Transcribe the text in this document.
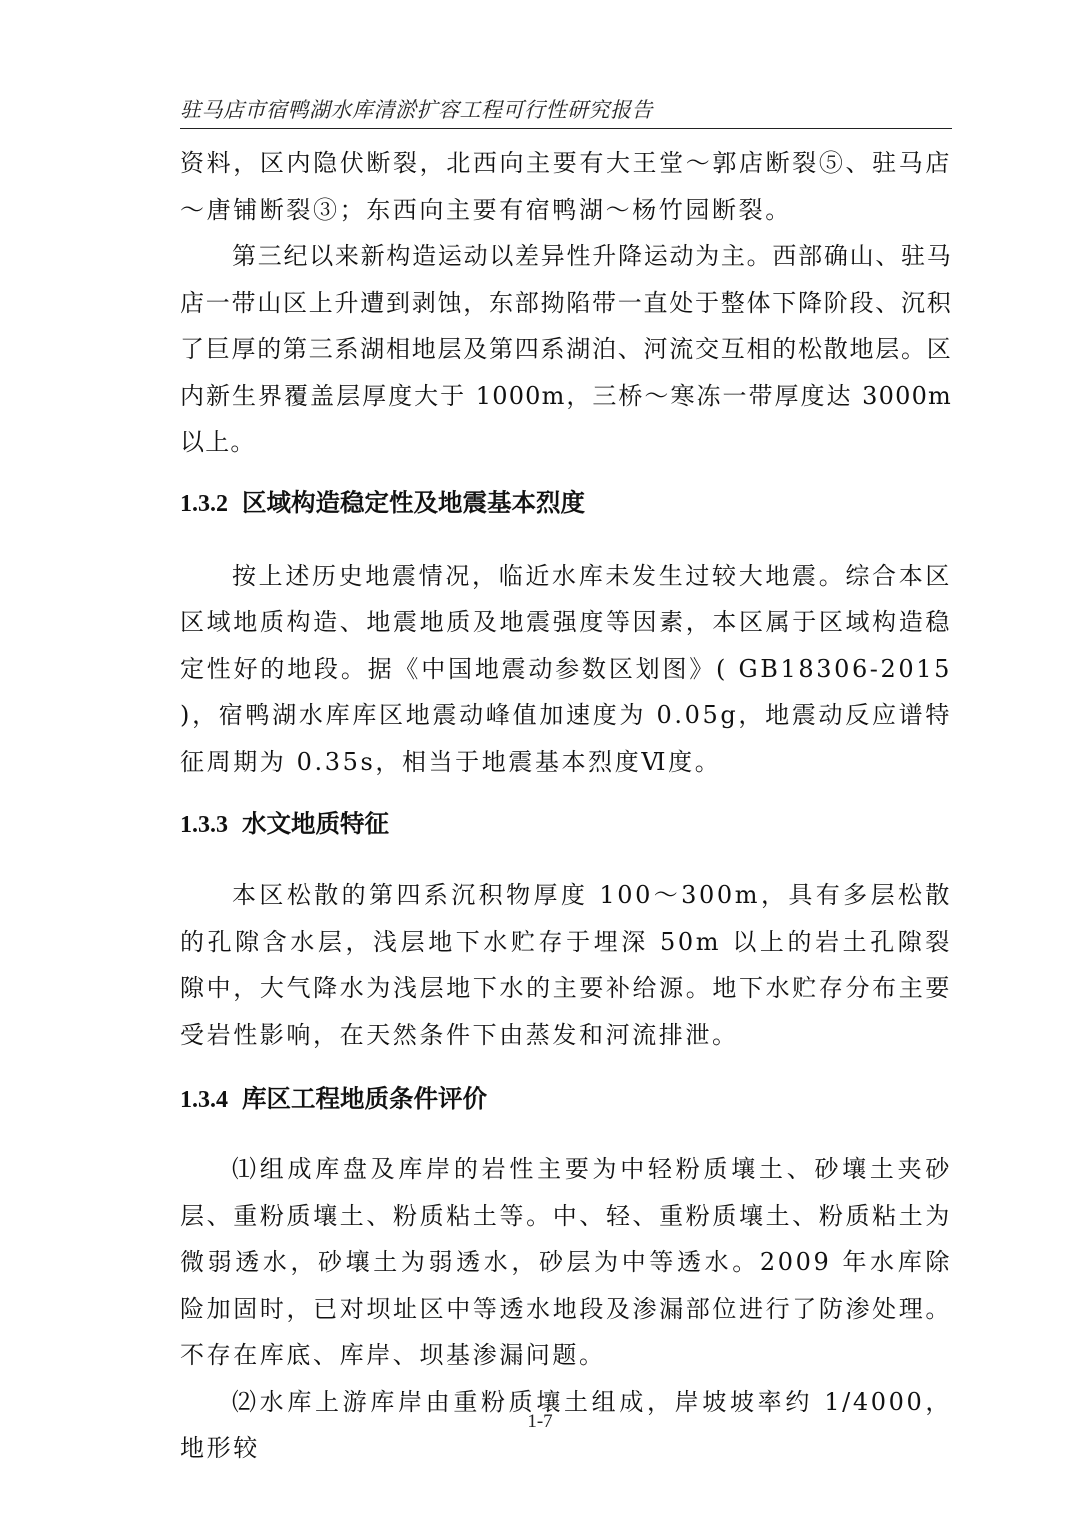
驻马店市宿鸭湖水库清淤扩容工程可行性研究报告

资料，区内隐伏断裂，北西向主要有大王堂～郭店断裂⑤、驻马店～唐铺断裂③；东西向主要有宿鸭湖～杨竹园断裂。

第三纪以来新构造运动以差异性升降运动为主。西部确山、驻马店一带山区上升遭到剥蚀，东部拗陷带一直处于整体下降阶段、沉积了巨厚的第三系湖相地层及第四系湖泊、河流交互相的松散地层。区内新生界覆盖层厚度大于 1000m，三桥～寒冻一带厚度达 3000m 以上。

1.3.2 区域构造稳定性及地震基本烈度

按上述历史地震情况，临近水库未发生过较大地震。综合本区区域地质构造、地震地质及地震强度等因素，本区属于区域构造稳定性好的地段。据《中国地震动参数区划图》( GB18306-2015 )，宿鸭湖水库库区地震动峰值加速度为 0.05g，地震动反应谱特征周期为 0.35s，相当于地震基本烈度Ⅵ度。

1.3.3 水文地质特征

本区松散的第四系沉积物厚度 100～300m，具有多层松散的孔隙含水层，浅层地下水贮存于埋深 50m 以上的岩土孔隙裂隙中，大气降水为浅层地下水的主要补给源。地下水贮存分布主要受岩性影响，在天然条件下由蒸发和河流排泄。

1.3.4 库区工程地质条件评价

⑴组成库盘及库岸的岩性主要为中轻粉质壤土、砂壤土夹砂层、重粉质壤土、粉质粘土等。中、轻、重粉质壤土、粉质粘土为微弱透水，砂壤土为弱透水，砂层为中等透水。2009 年水库除险加固时，已对坝址区中等透水地段及渗漏部位进行了防渗处理。不存在库底、库岸、坝基渗漏问题。

⑵水库上游库岸由重粉质壤土组成，岸坡坡率约 1/4000，地形较

1-7
